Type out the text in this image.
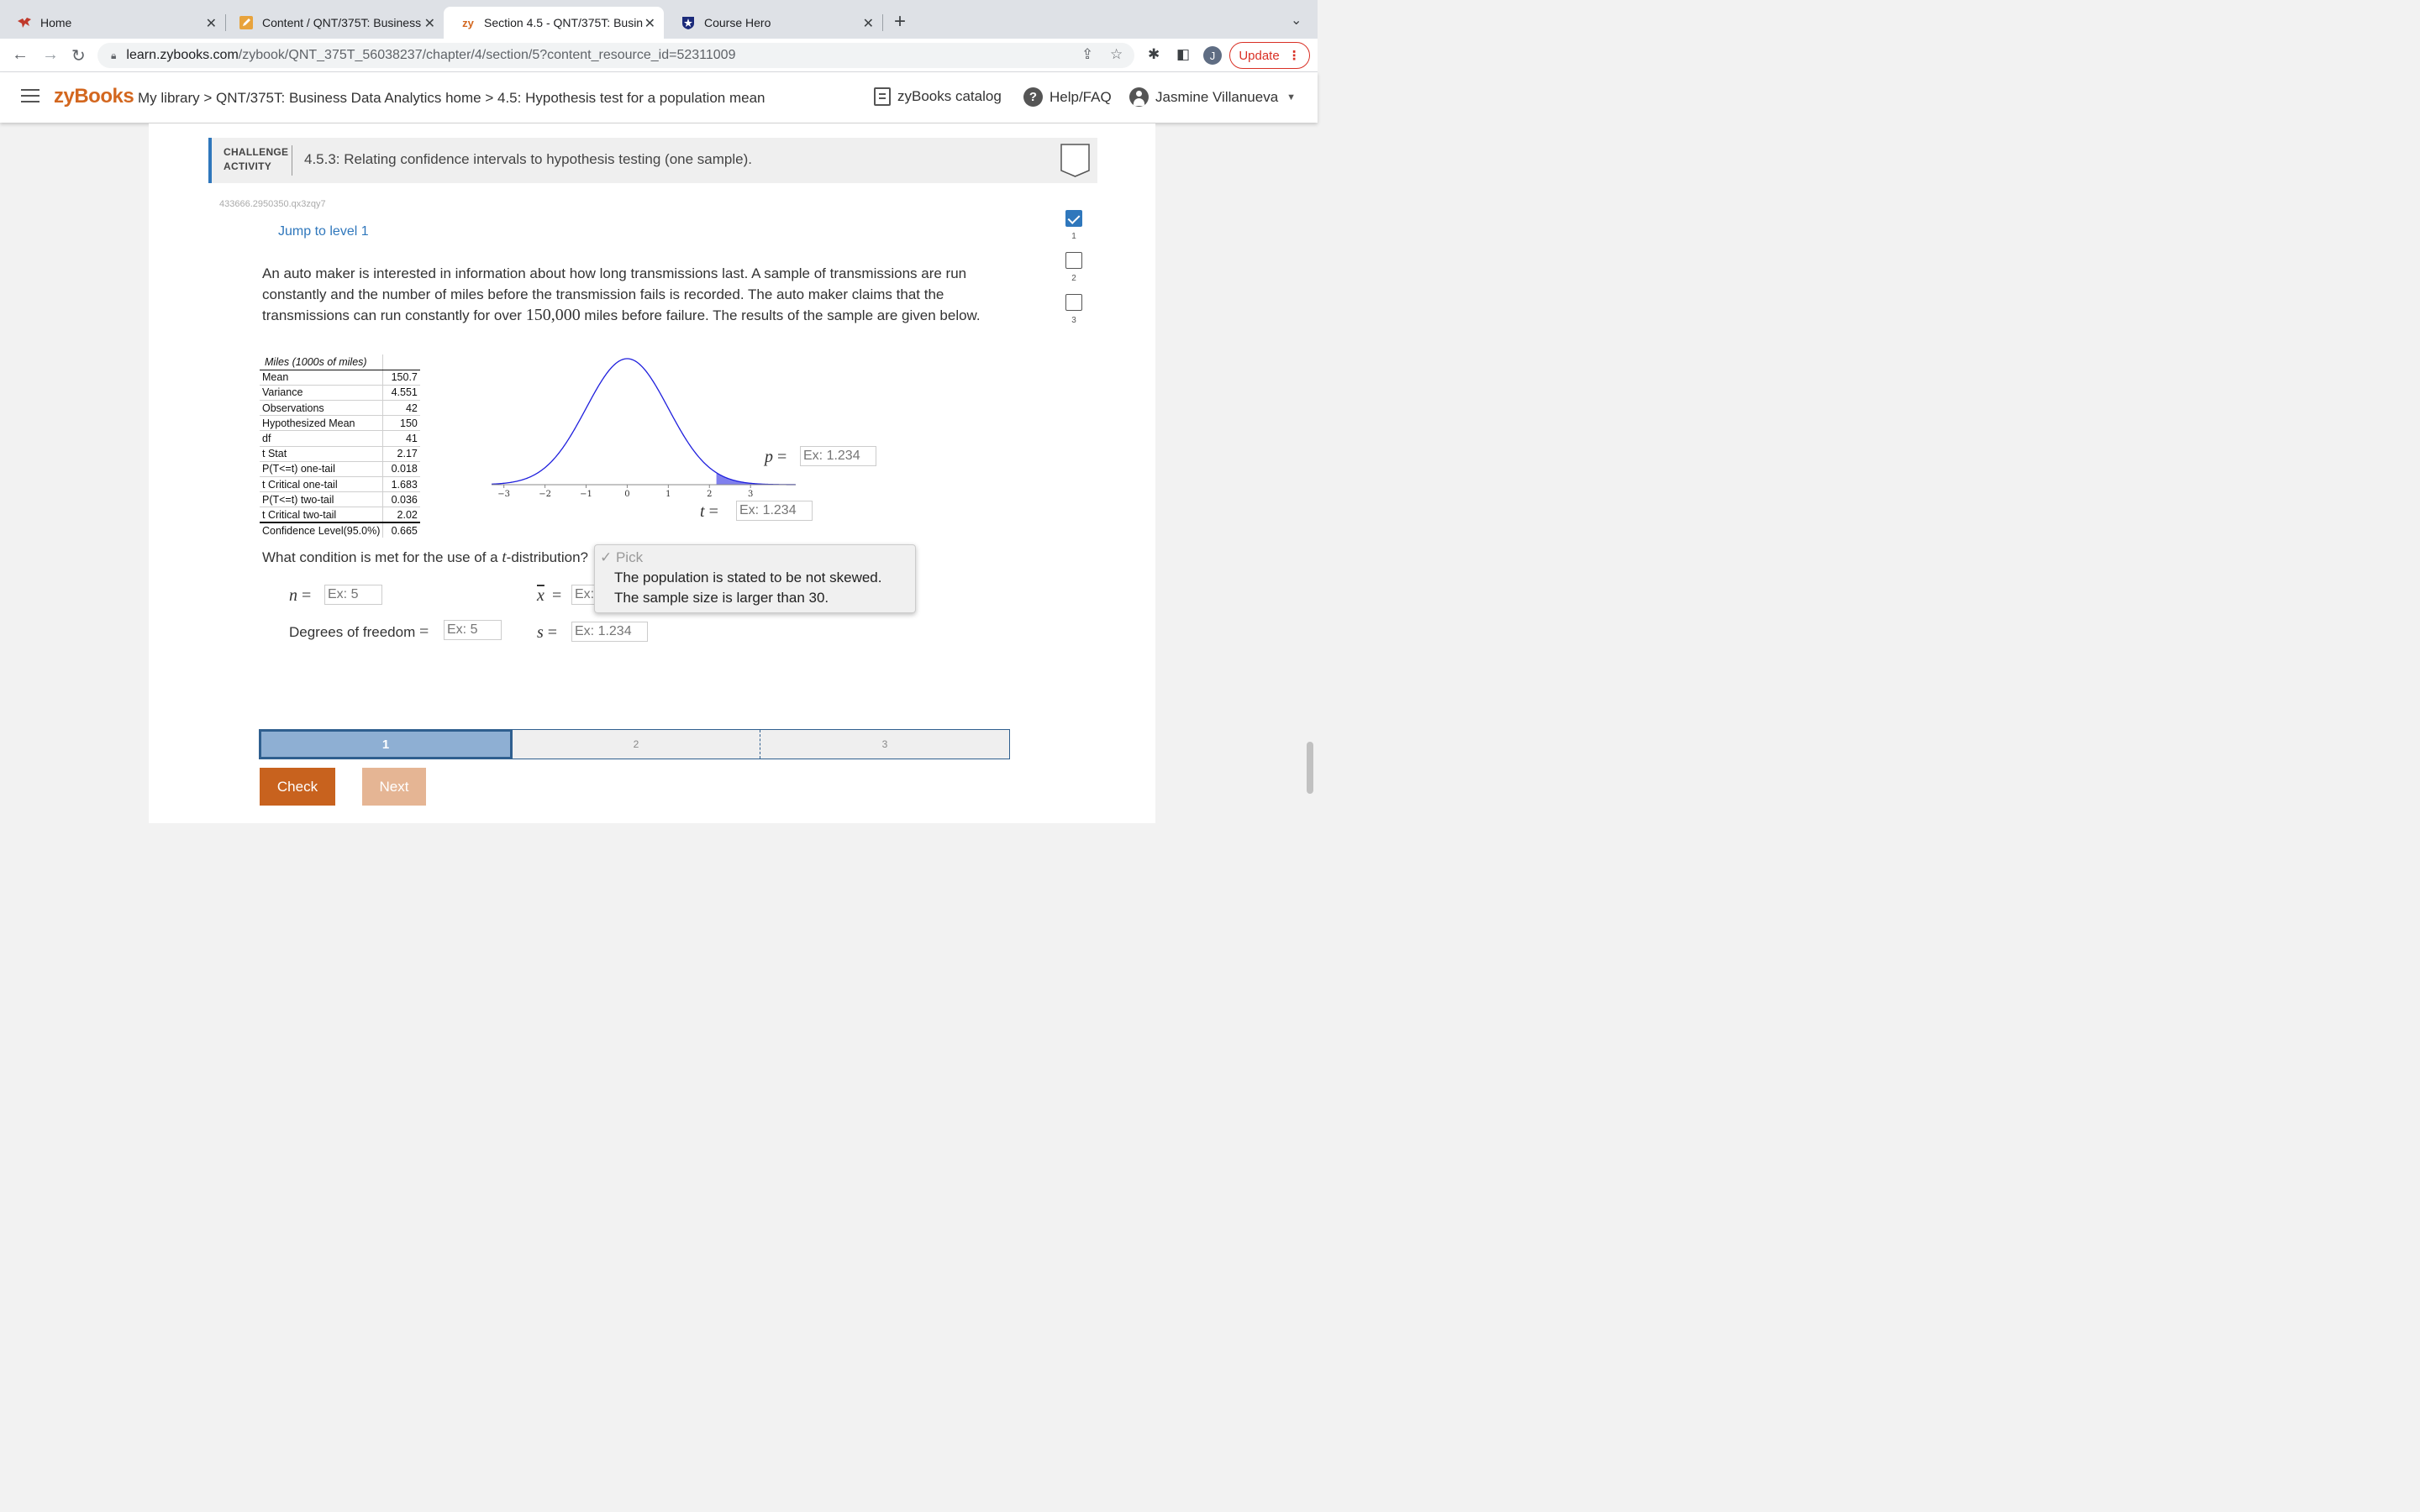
Home	✕	Content / QNT/375T: Business ✕ zy Section 4.5 - QNT/375T: Busin ✕	Course Hero	✕ +	⌄
← → ↻	🔒︎ learn.zybooks.com /zybook/QNT_375T_56038237/chapter/4/section/5?content_resource_id=52311009	⇪ ☆ ✱ ◧	J	Update ⋮
zyBooks My library > QNT/375T: Business Data Analytics home > 4.5: Hypothesis test for a population mean	zyBooks catalog	? Help/FAQ	Jasmine Villanueva ▼
CHALLENGE
ACTIVITY	4.5.3: Relating confidence intervals to hypothesis testing (one sample).
433666.2950350.qx3zqy7
Jump to level 1	1
2
3
An auto maker is interested in information about how long transmissions last. A sample of transmissions are run constantly and the number of miles before the transmission fails is recorded. The auto maker claims that the transmissions can run constantly for over 150,000 miles before failure. The results of the sample are given below.
Miles (1000s of miles)	
Mean	150.7
Variance	4.551
Observations	42
Hypothesized Mean	150
df	41
t Stat	2.17
P(T<=t) one-tail	0.018
t Critical one-tail	1.683
P(T<=t) two-tail	0.036
t Critical two-tail	2.02
Confidence Level(95.0%)	0.665
−3	−2	−1	0	1	2	3
p =
Ex: 1.234
t =
Ex: 1.234
What condition is met for the use of a t-distribution?
n =
Ex: 5	$\overline{x}$ =
Ex:
Degrees of freedom =
Ex: 5	s =
Ex: 1.234
✓ Pick
The population is stated to be not skewed.
The sample size is larger than 30.
2	3
1
Check	Next
